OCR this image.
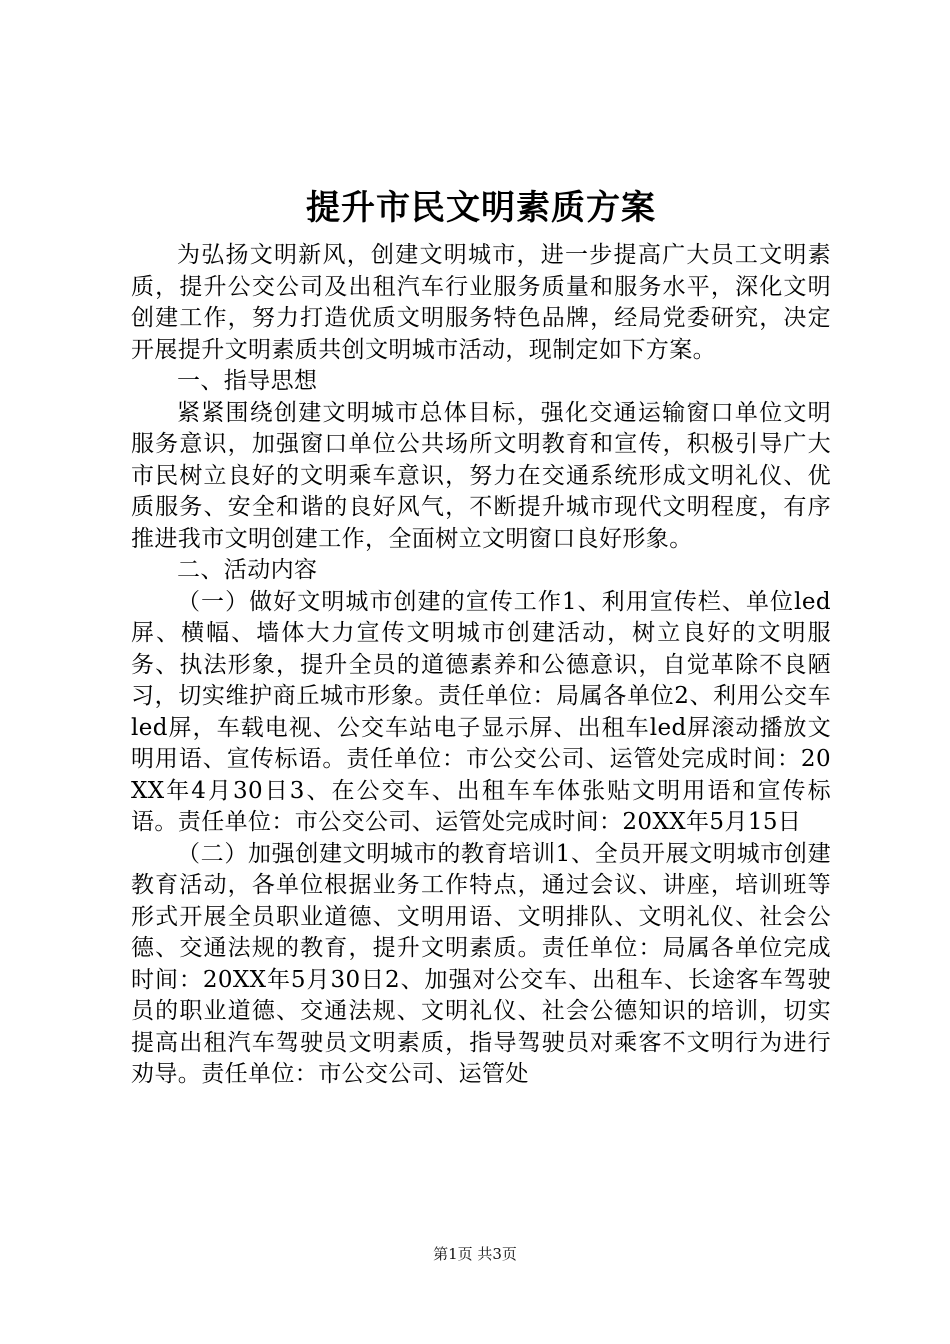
提升市民文明素质方案

为弘扬文明新风，创建文明城市，进一步提高广大员工文明素质，提升公交公司及出租汽车行业服务质量和服务水平，深化文明创建工作，努力打造优质文明服务特色品牌，经局党委研究，决定开展提升文明素质共创文明城市活动，现制定如下方案。

一、指导思想

紧紧围绕创建文明城市总体目标，强化交通运输窗口单位文明服务意识，加强窗口单位公共场所文明教育和宣传，积极引导广大市民树立良好的文明乘车意识，努力在交通系统形成文明礼仪、优质服务、安全和谐的良好风气，不断提升城市现代文明程度，有序推进我市文明创建工作，全面树立文明窗口良好形象。

二、活动内容

（一）做好文明城市创建的宣传工作1、利用宣传栏、单位led屏、横幅、墙体大力宣传文明城市创建活动，树立良好的文明服务、执法形象，提升全员的道德素养和公德意识，自觉革除不良陋习，切实维护商丘城市形象。责任单位：局属各单位2、利用公交车led屏，车载电视、公交车站电子显示屏、出租车led屏滚动播放文明用语、宣传标语。责任单位：市公交公司、运管处完成时间：20XX年4月30日3、在公交车、出租车车体张贴文明用语和宣传标语。责任单位：市公交公司、运管处完成时间：20XX年5月15日

（二）加强创建文明城市的教育培训1、全员开展文明城市创建教育活动，各单位根据业务工作特点，通过会议、讲座，培训班等形式开展全员职业道德、文明用语、文明排队、文明礼仪、社会公德、交通法规的教育，提升文明素质。责任单位：局属各单位完成时间：20XX年5月30日2、加强对公交车、出租车、长途客车驾驶员的职业道德、交通法规、文明礼仪、社会公德知识的培训，切实提高出租汽车驾驶员文明素质，指导驾驶员对乘客不文明行为进行劝导。责任单位：市公交公司、运管处

第1页 共3页
